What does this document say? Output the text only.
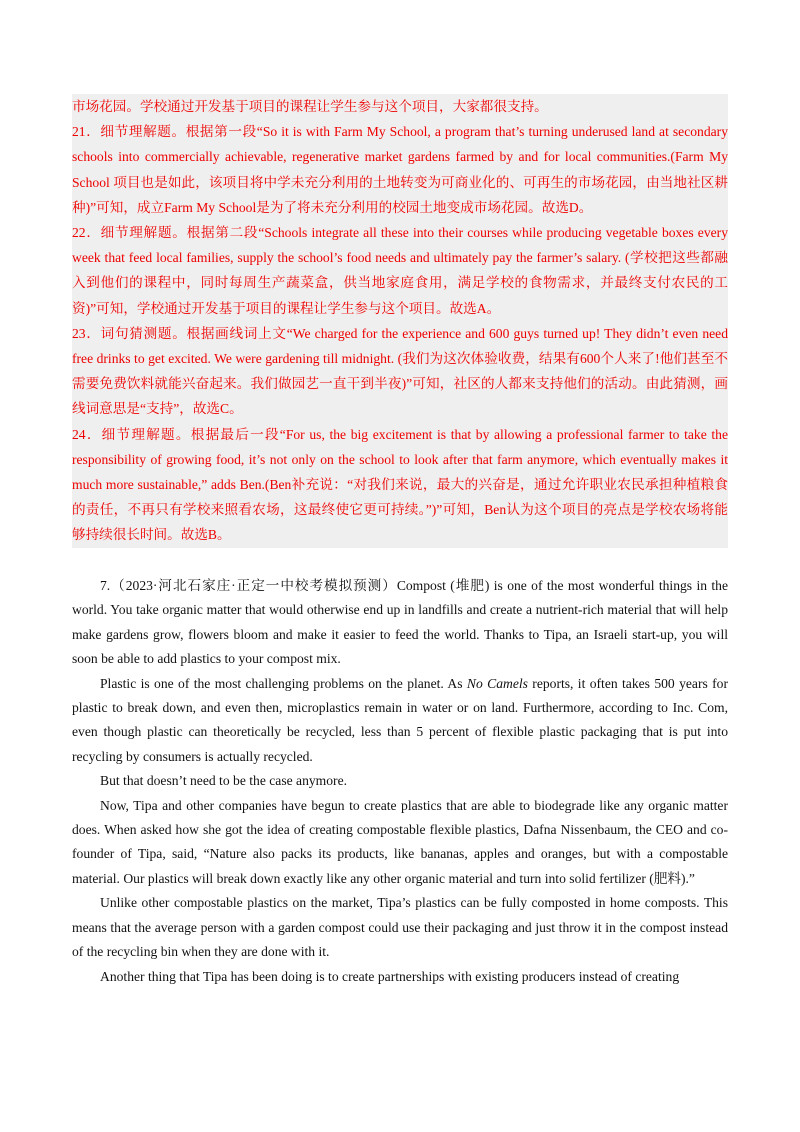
市场花园。学校通过开发基于项目的课程让学生参与这个项目，大家都很支持。

21．细节理解题。根据第一段“So it is with Farm My School, a program that’s turning underused land at secondary schools into commercially achievable, regenerative market gardens farmed by and for local communities.(Farm My School 项目也是如此，该项目将中学未充分利用的土地转变为可商业化的、可再生的市场花园，由当地社区耕种)”可知，成立Farm My School是为了将未充分利用的校园土地变成市场花园。故选D。

22．细节理解题。根据第二段“Schools integrate all these into their courses while producing vegetable boxes every week that feed local families, supply the school’s food needs and ultimately pay the farmer’s salary. (学校把这些都融入到他们的课程中，同时每周生产蔬菜盒，供当地家庭食用，满足学校的食物需求，并最终支付农民的工资)”可知，学校通过开发基于项目的课程让学生参与这个项目。故选A。

23．词句猜测题。根据画线词上文“We charged for the experience and 600 guys turned up! They didn’t even need free drinks to get excited. We were gardening till midnight. (我们为这次体验收费，结果有600个人来了!他们甚至不需要免费饮料就能兴奋起来。我们做园艺一直干到半夜)”可知，社区的人都来支持他们的活动。由此猜测，画线词意思是“支持”，故选C。

24．细节理解题。根据最后一段“For us, the big excitement is that by allowing a professional farmer to take the responsibility of growing food, it’s not only on the school to look after that farm anymore, which eventually makes it much more sustainable,” adds Ben.(Ben补充说：“对我们来说，最大的兴奋是，通过允许职业农民承担种植粮食的责任，不再只有学校来照看农场，这最终使它更可持续。”)”可知，Ben认为这个项目的亮点是学校农场将能够持续很长时间。故选B。

7.（2023·河北石家庄·正定一中校考模拟预测）Compost (堆肥) is one of the most wonderful things in the world. You take organic matter that would otherwise end up in landfills and create a nutrient-rich material that will help make gardens grow, flowers bloom and make it easier to feed the world. Thanks to Tipa, an Israeli start-up, you will soon be able to add plastics to your compost mix.

Plastic is one of the most challenging problems on the planet. As No Camels reports, it often takes 500 years for plastic to break down, and even then, microplastics remain in water or on land. Furthermore, according to Inc. Com, even though plastic can theoretically be recycled, less than 5 percent of flexible plastic packaging that is put into recycling by consumers is actually recycled.

But that doesn’t need to be the case anymore.

Now, Tipa and other companies have begun to create plastics that are able to biodegrade like any organic matter does. When asked how she got the idea of creating compostable flexible plastics, Dafna Nissenbaum, the CEO and co-founder of Tipa, said, “Nature also packs its products, like bananas, apples and oranges, but with a compostable material. Our plastics will break down exactly like any other organic material and turn into solid fertilizer (肥料).”

Unlike other compostable plastics on the market, Tipa’s plastics can be fully composted in home composts. This means that the average person with a garden compost could use their packaging and just throw it in the compost instead of the recycling bin when they are done with it.

Another thing that Tipa has been doing is to create partnerships with existing producers instead of creating
